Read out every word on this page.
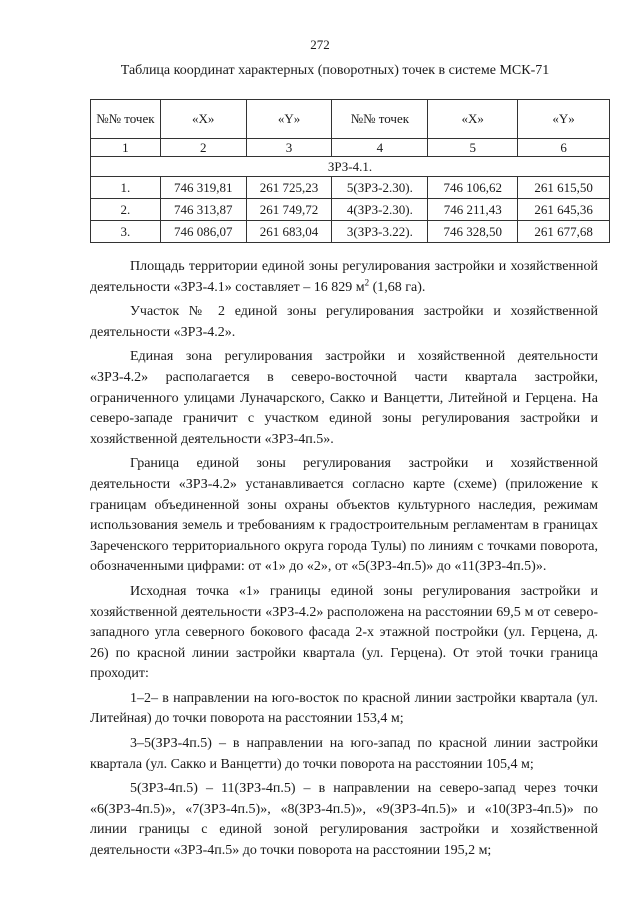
272
Таблица координат характерных (поворотных) точек в системе МСК-71
№№ точек	«X»	«Y»	№№ точек	«X»	«Y»
1	2	3	4	5	6
ЗРЗ-4.1.					
1.	746 319,81	261 725,23	5(ЗРЗ-2.30).	746 106,62	261 615,50
2.	746 313,87	261 749,72	4(ЗРЗ-2.30).	746 211,43	261 645,36
3.	746 086,07	261 683,04	3(ЗРЗ-3.22).	746 328,50	261 677,68

Площадь территории единой зоны регулирования застройки и хозяйственной деятельности «ЗРЗ-4.1» составляет – 16 829 $м^2$ (1,68 га).

Участок № 2 единой зоны регулирования застройки и хозяйственной деятельности «ЗРЗ-4.2».

Единая зона регулирования застройки и хозяйственной деятельности «ЗРЗ-4.2» располагается в северо-восточной части квартала застройки, ограниченного улицами Луначарского, Сакко и Ванцетти, Литейной и Герцена. На северо-западе граничит с участком единой зоны регулирования застройки и хозяйственной деятельности «ЗРЗ-4п.5».

Граница единой зоны регулирования застройки и хозяйственной деятельности «ЗРЗ-4.2» устанавливается согласно карте (схеме) (приложение к границам объединенной зоны охраны объектов культурного наследия, режимам использования земель и требованиям к градостроительным регламентам в границах Зареченского территориального округа города Тулы) по линиям с точками поворота, обозначенными цифрами: от «1» до «2», от «5(ЗРЗ-4п.5)» до «11(ЗРЗ-4п.5)».

Исходная точка «1» границы единой зоны регулирования застройки и хозяйственной деятельности «ЗРЗ-4.2» расположена на расстоянии 69,5 м от северо-западного угла северного бокового фасада 2-х этажной постройки (ул. Герцена, д. 26) по красной линии застройки квартала (ул. Герцена). От этой точки граница проходит:

1–2– в направлении на юго-восток по красной линии застройки квартала (ул. Литейная) до точки поворота на расстоянии 153,4 м;

3–5(ЗРЗ-4п.5) – в направлении на юго-запад по красной линии застройки квартала (ул. Сакко и Ванцетти) до точки поворота на расстоянии 105,4 м;

5(ЗРЗ-4п.5) – 11(ЗРЗ-4п.5) – в направлении на северо-запад через точки «6(ЗРЗ-4п.5)», «7(ЗРЗ-4п.5)», «8(ЗРЗ-4п.5)», «9(ЗРЗ-4п.5)» и «10(ЗРЗ-4п.5)» по линии границы с единой зоной регулирования застройки и хозяйственной деятельности «ЗРЗ-4п.5» до точки поворота на расстоянии 195,2 м;
